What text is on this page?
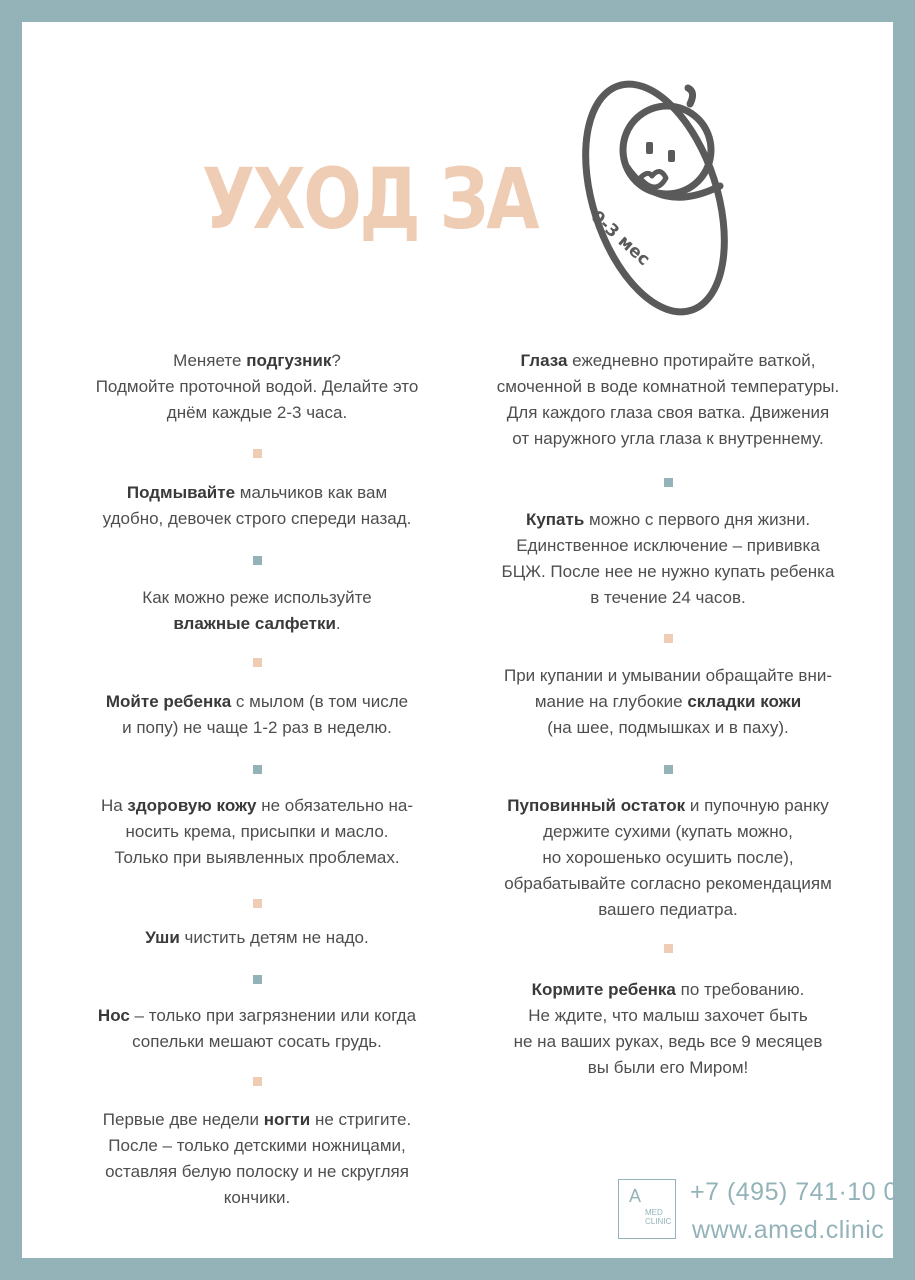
УХОД ЗА	0-3 мес
Меняете подгузник?
Подмойте проточной водой. Делайте это
днём каждые 2-3 часа.
Подмывайте мальчиков как вам
удобно, девочек строго спереди назад.
Как можно реже используйте
влажные салфетки.
Мойте ребенка с мылом (в том числе
и попу) не чаще 1-2 раз в неделю.
На здоровую кожу не обязательно на-
носить крема, присыпки и масло.
Только при выявленных проблемах.
Уши чистить детям не надо.
Нос – только при загрязнении или когда
сопельки мешают сосать грудь.
Первые две недели ногти не стригите.
После – только детскими ножницами,
оставляя белую полоску и не скругляя
кончики.
Глаза ежедневно протирайте ваткой,
смоченной в воде комнатной температуры.
Для каждого глаза своя ватка. Движения
от наружного угла глаза к внутреннему.
Купать можно с первого дня жизни.
Единственное исключение – прививка
БЦЖ. После нее не нужно купать ребенка
в течение 24 часов.
При купании и умывании обращайте вни-
мание на глубокие складки кожи
(на шее, подмышках и в паху).
Пуповинный остаток и пупочную ранку
держите сухими (купать можно,
но хорошенько осушить после),
обрабатывайте согласно рекомендациям
вашего педиатра.
Кормите ребенка по требованию.
Не ждите, что малыш захочет быть
не на ваших руках, ведь все 9 месяцев
вы были его Миром!
A
MED
CLINIC
+7 (495) 741·10 01
www.amed.clinic
